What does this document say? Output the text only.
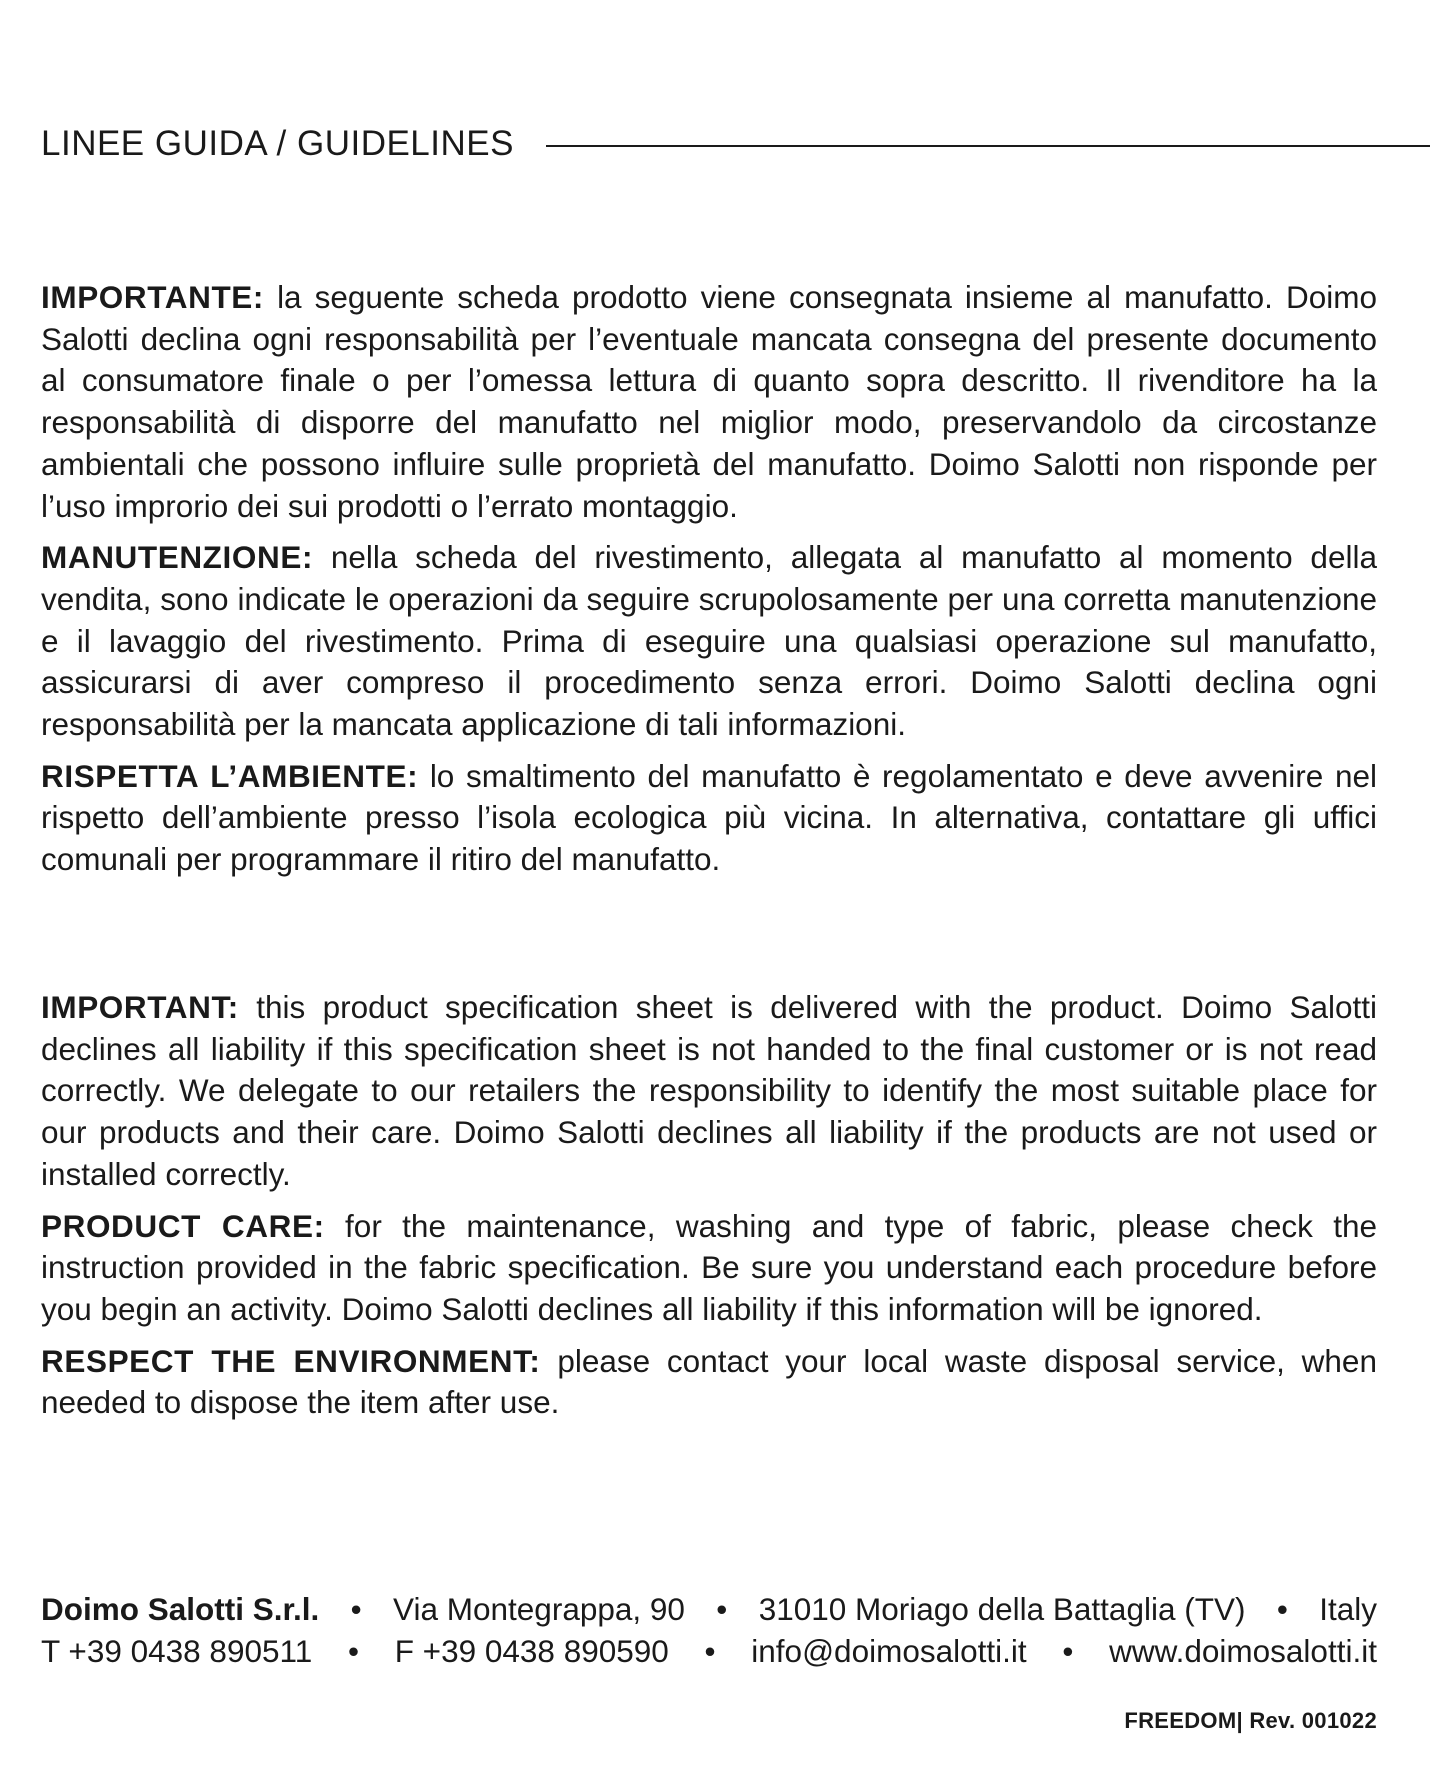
LINEE GUIDA / GUIDELINES

IMPORTANTE: la seguente scheda prodotto viene consegnata insieme al manufatto. Doimo Salotti declina ogni responsabilità per l’eventuale mancata consegna del presente documento al consumatore finale o per l’omessa lettura di quanto sopra descritto. Il rivenditore ha la responsabilità di disporre del manufatto nel miglior modo, preservandolo da circostanze ambientali che possono influire sulle proprietà del manufatto. Doimo Salotti non risponde per l’uso improrio dei sui prodotti o l’errato montaggio.

MANUTENZIONE: nella scheda del rivestimento, allegata al manufatto al momento della vendita, sono indicate le operazioni da seguire scrupolosamente per una corretta manutenzione e il lavaggio del rivestimento. Prima di eseguire una qualsiasi operazione sul manufatto, assicurarsi di aver compreso il procedimento senza errori. Doimo Salotti declina ogni responsabilità per la mancata applicazione di tali informazioni.

RISPETTA L’AMBIENTE: lo smaltimento del manufatto è regolamentato e deve avvenire nel rispetto dell’ambiente presso l’isola ecologica più vicina. In alternativa, contattare gli uffici comunali per programmare il ritiro del manufatto.

IMPORTANT: this product specification sheet is delivered with the product. Doimo Salotti declines all liability if this specification sheet is not handed to the final customer or is not read correctly. We delegate to our retailers the responsibility to identify the most suitable place for our products and their care. Doimo Salotti declines all liability if the products are not used or installed correctly.

PRODUCT CARE: for the maintenance, washing and type of fabric, please check the instruction provided in the fabric specification. Be sure you understand each procedure before you begin an activity. Doimo Salotti declines all liability if this information will be ignored.

RESPECT THE ENVIRONMENT: please contact your local waste disposal service, when needed to dispose the item after use.

Doimo Salotti S.r.l. • Via Montegrappa, 90 • 31010 Moriago della Battaglia (TV) • Italy
T +39 0438 890511 • F +39 0438 890590 • info@doimosalotti.it • www.doimosalotti.it
FREEDOM| Rev. 001022
